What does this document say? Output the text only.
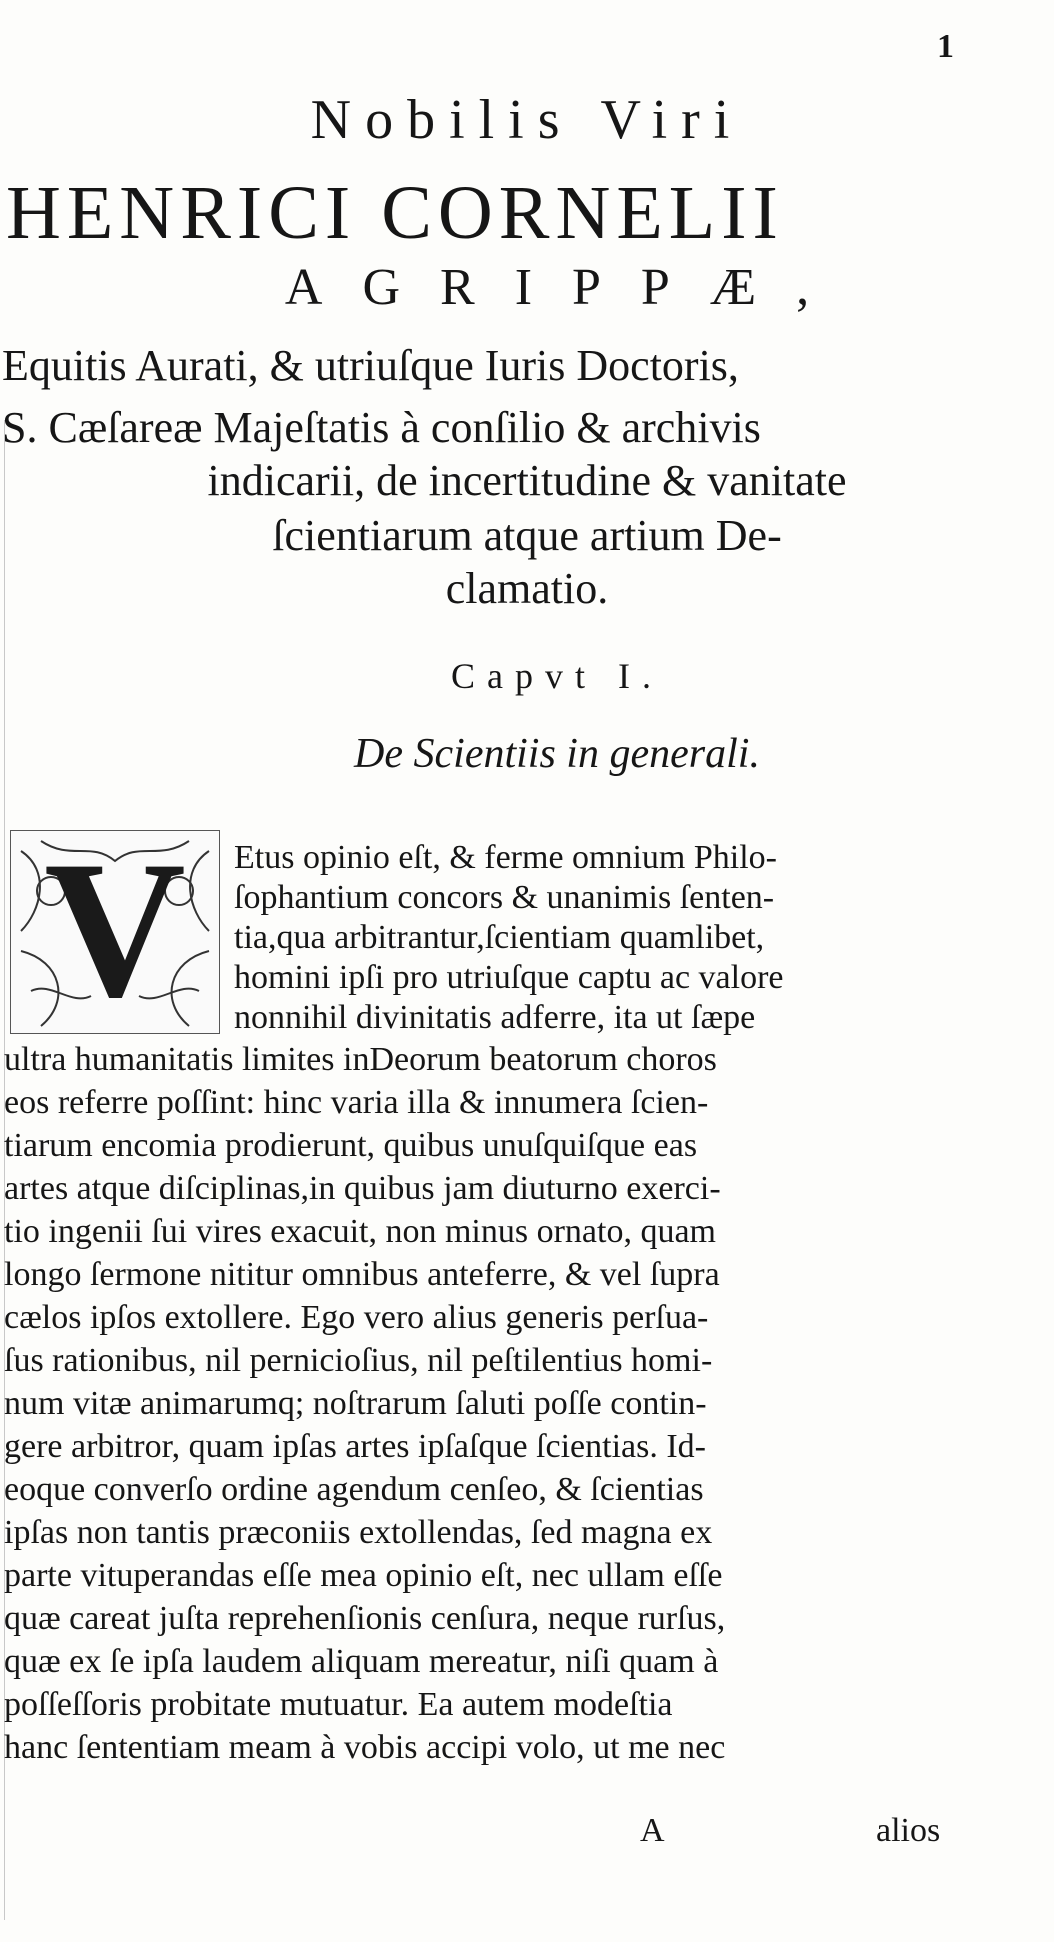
1
Nobilis Viri
HENRICI CORNELII
AGRIPPÆ,
Equitis Aurati, & utriuſque Iuris Doctoris,
S. Cæſareæ Majeſtatis à conſilio & archivis
indicarii, de incertitudine & vanitate
ſcientiarum atque artium De-
clamatio.
Capvt I.
De Scientiis in generali.
V	Etus opinio eſt, & ferme omnium Philo-
ſophantium concors & unanimis ſenten-
tia,qua arbitrantur,ſcientiam quamlibet,
homini ipſi pro utriuſque captu ac valore
nonnihil divinitatis adferre, ita ut ſæpe
ultra humanitatis limites inDeorum beatorum choros
eos referre poſſint: hinc varia illa & innumera ſcien-
tiarum encomia prodierunt, quibus unuſquiſque eas
artes atque diſciplinas,in quibus jam diuturno exerci-
tio ingenii ſui vires exacuit, non minus ornato, quam
longo ſermone nititur omnibus anteferre, & vel ſupra
cælos ipſos extollere. Ego vero alius generis perſua-
ſus rationibus, nil pernicioſius, nil peſtilentius homi-
num vitæ animarumq; noſtrarum ſaluti poſſe contin-
gere arbitror, quam ipſas artes ipſaſque ſcientias. Id-
eoque converſo ordine agendum cenſeo, & ſcientias
ipſas non tantis præconiis extollendas, ſed magna ex
parte vituperandas eſſe mea opinio eſt, nec ullam eſſe
quæ careat juſta reprehenſionis cenſura, neque rurſus,
quæ ex ſe ipſa laudem aliquam mereatur, niſi quam à
poſſeſſoris probitate mutuatur. Ea autem modeſtia
hanc ſententiam meam à vobis accipi volo, ut me nec
A	alios
